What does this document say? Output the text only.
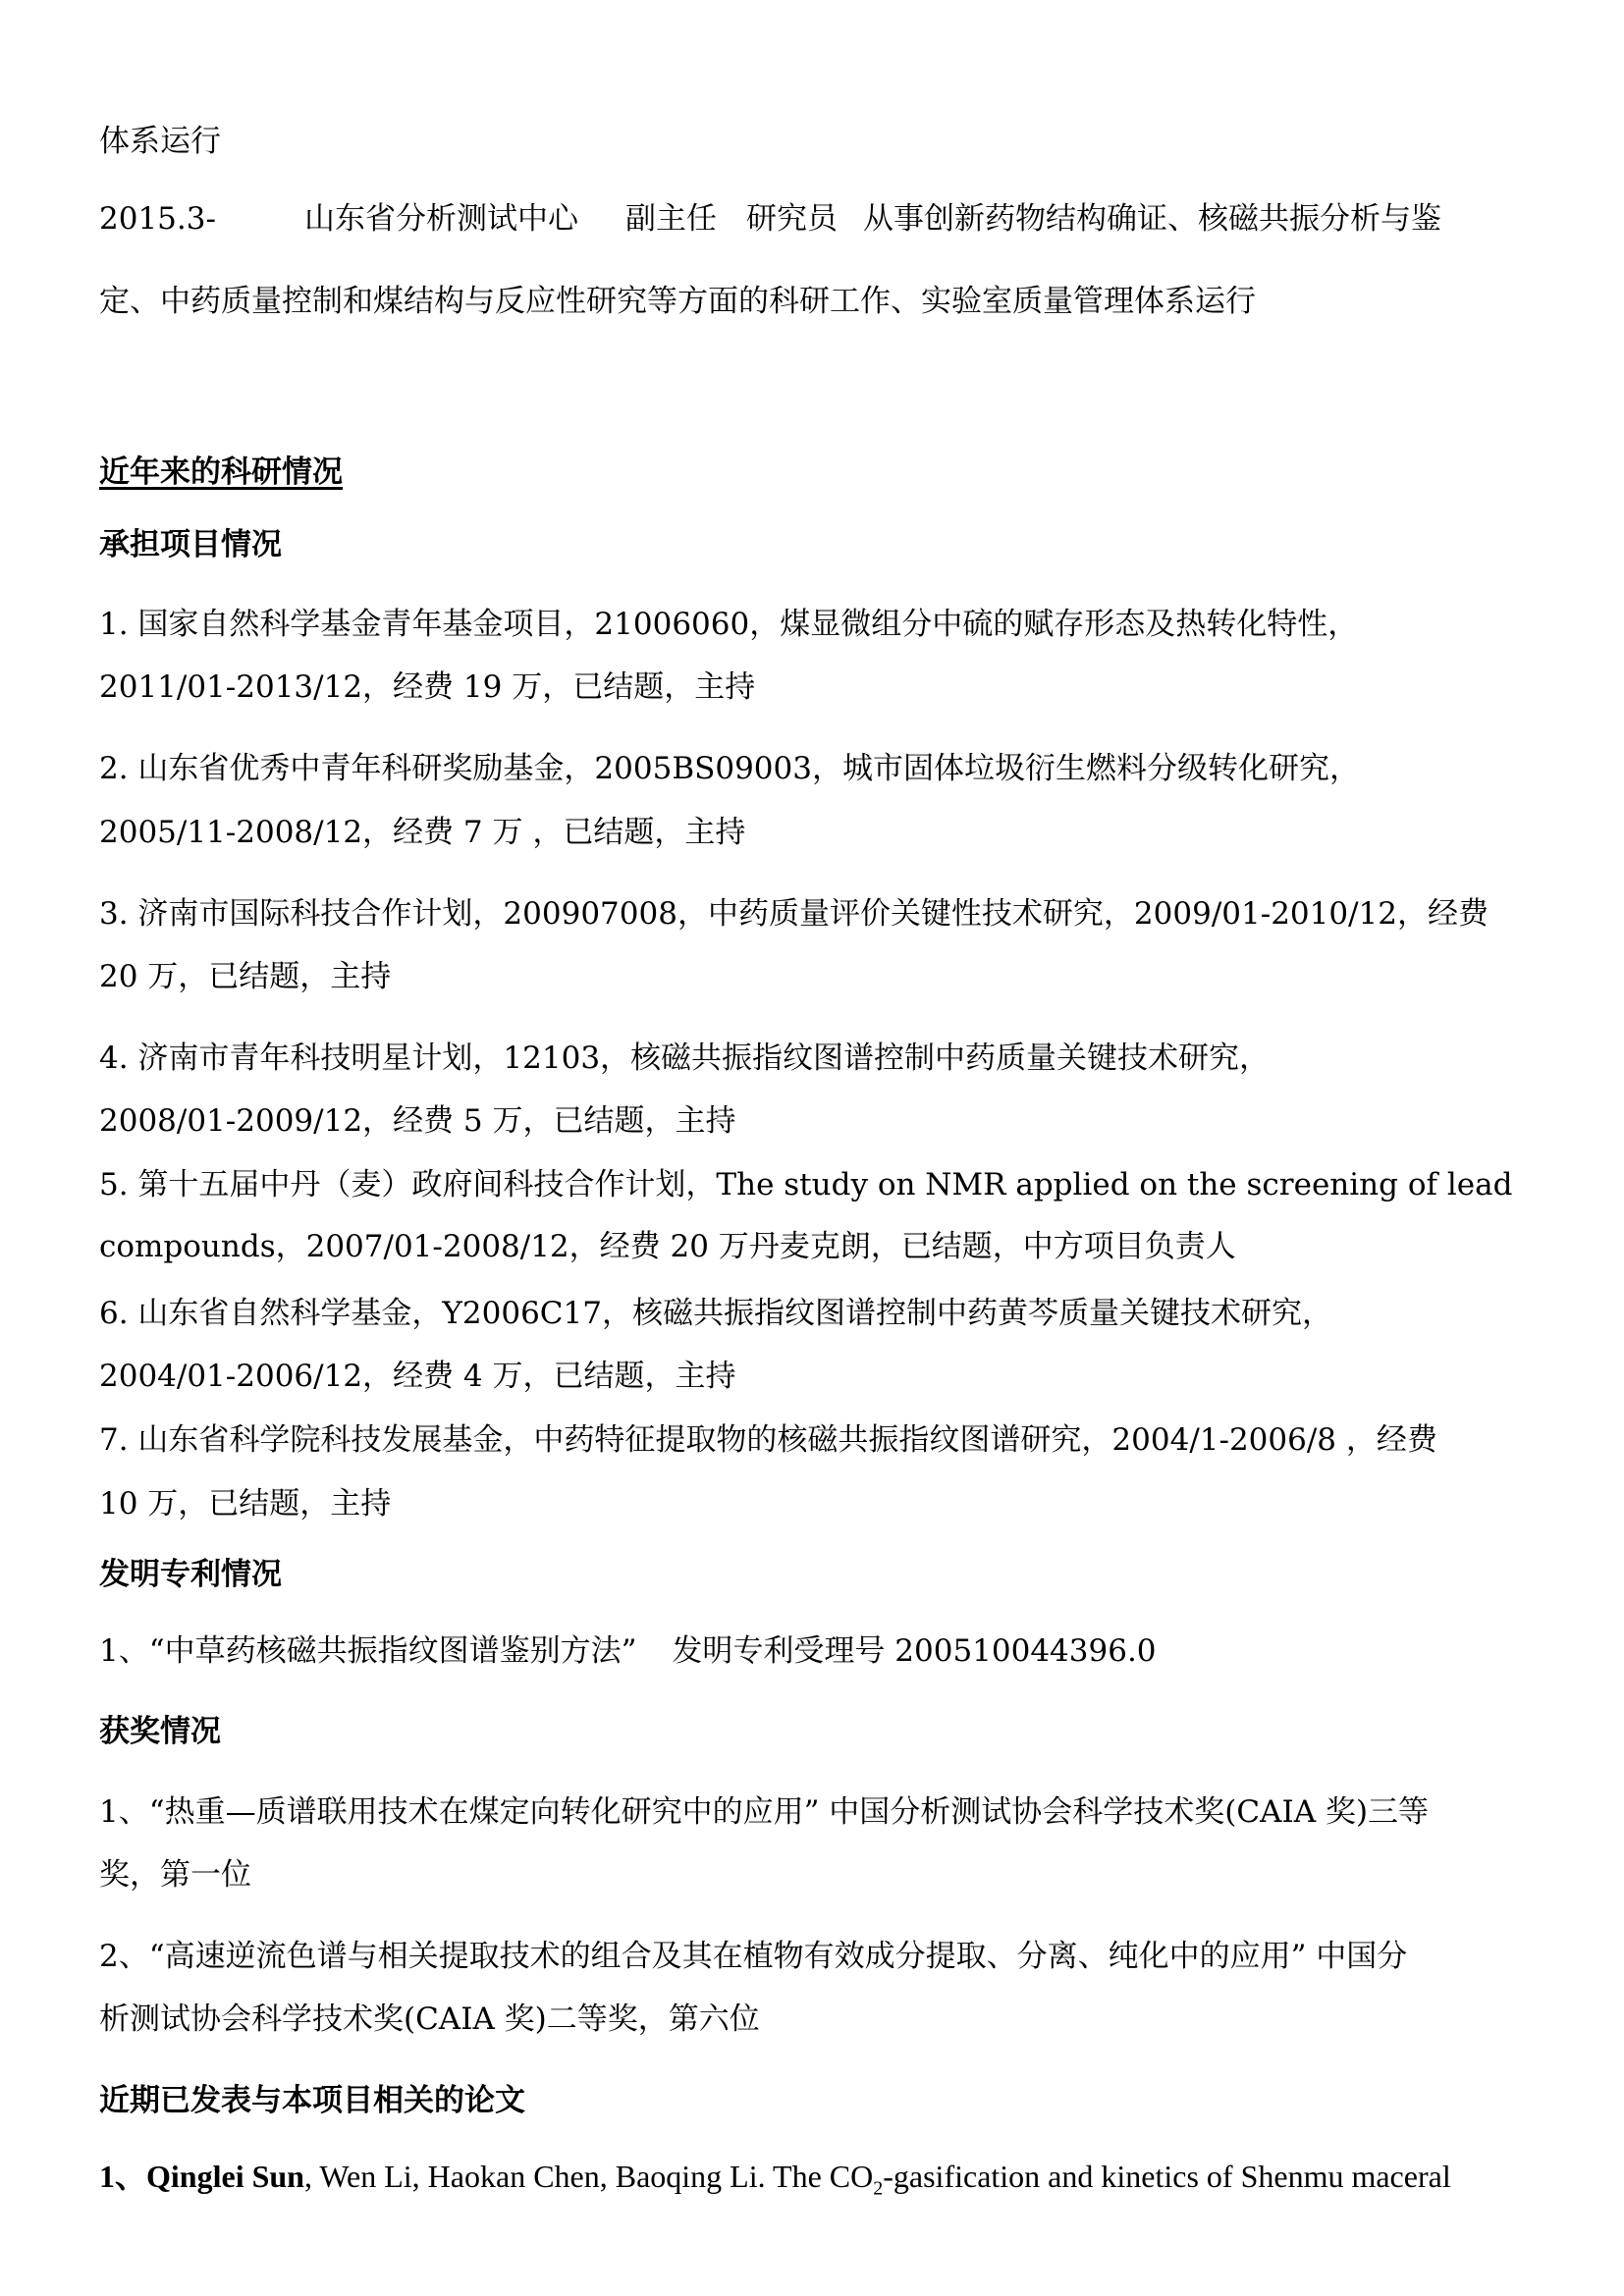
体系运行
2015.3-	山东省分析测试中心 副主任 研究员 从事创新药物结构确证、核磁共振分析与鉴
定、中药质量控制和煤结构与反应性研究等方面的科研工作、实验室质量管理体系运行
近年来的科研情况
承担项目情况
1. 国家自然科学基金青年基金项目，21006060，煤显微组分中硫的赋存形态及热转化特性，
2011/01-2013/12，经费 19 万，已结题，主持
2. 山东省优秀中青年科研奖励基金，2005BS09003，城市固体垃圾衍生燃料分级转化研究，
2005/11-2008/12，经费 7 万 ，已结题，主持
3. 济南市国际科技合作计划，200907008，中药质量评价关键性技术研究，2009/01-2010/12，经费
20 万，已结题，主持
4. 济南市青年科技明星计划，12103，核磁共振指纹图谱控制中药质量关键技术研究，
2008/01-2009/12，经费 5 万，已结题，主持
5. 第十五届中丹（麦）政府间科技合作计划，The study on NMR applied on the screening of lead
compounds，2007/01-2008/12，经费 20 万丹麦克朗，已结题，中方项目负责人
6. 山东省自然科学基金，Y2006C17，核磁共振指纹图谱控制中药黄芩质量关键技术研究，
2004/01-2006/12，经费 4 万，已结题，主持
7. 山东省科学院科技发展基金，中药特征提取物的核磁共振指纹图谱研究，2004/1-2006/8 ，经费
10 万，已结题，主持
发明专利情况
1、“中草药核磁共振指纹图谱鉴别方法” 发明专利受理号 200510044396.0
获奖情况
1、“热重—质谱联用技术在煤定向转化研究中的应用” 中国分析测试协会科学技术奖(CAIA 奖)三等
奖，第一位
2、“高速逆流色谱与相关提取技术的组合及其在植物有效成分提取、分离、纯化中的应用” 中国分
析测试协会科学技术奖(CAIA 奖)二等奖，第六位
近期已发表与本项目相关的论文
1、Qinglei Sun, Wen Li, Haokan Chen, Baoqing Li. The $CO_2$-gasification and kinetics of Shenmu maceral
